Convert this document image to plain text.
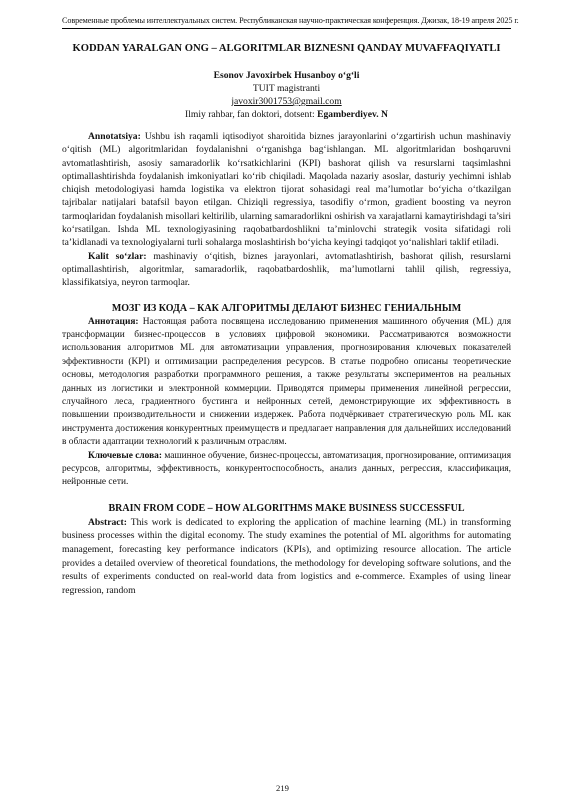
Современные проблемы интеллектуальных систем. Республиканская научно-практическая конференция. Джизак, 18-19 апреля 2025 г.
KODDAN YARALGAN ONG – ALGORITMLAR BIZNESNI QANDAY MUVAFFAQIYATLI
Esonov Javoxirbek Husanboy o‘g‘li
TUIT magistranti
javoxir3001753@gmail.com
Ilmiy rahbar, fan doktori, dotsent: Egamberdiyev. N

Annotatsiya: Ushbu ish raqamli iqtisodiyot sharoitida biznes jarayonlarini o‘zgartirish uchun mashinaviy o‘qitish (ML) algoritmlaridan foydalanishni o‘rganishga bag‘ishlangan. ML algoritmlaridan boshqaruvni avtomatlashtirish, asosiy samaradorlik ko‘rsatkichlarini (KPI) bashorat qilish va resurslarni taqsimlashni optimallashtirishda foydalanish imkoniyatlari ko‘rib chiqiladi. Maqolada nazariy asoslar, dasturiy yechimni ishlab chiqish metodologiyasi hamda logistika va elektron tijorat sohasidagi real ma’lumotlar bo‘yicha o‘tkazilgan tajribalar natijalari batafsil bayon etilgan. Chiziqli regressiya, tasodifiy o‘rmon, gradient boosting va neyron tarmoqlaridan foydalanish misollari keltirilib, ularning samaradorlikni oshirish va xarajatlarni kamaytirishdagi ta’siri ko‘rsatilgan. Ishda ML texnologiyasining raqobatbardoshlikni ta’minlovchi strategik vosita sifatidagi roli ta’kidlanadi va texnologiyalarni turli sohalarga moslashtirish bo‘yicha keyingi tadqiqot yo‘nalishlari taklif etiladi.

Kalit so‘zlar: mashinaviy o‘qitish, biznes jarayonlari, avtomatlashtirish, bashorat qilish, resurslarni optimallashtirish, algoritmlar, samaradorlik, raqobatbardoshlik, ma’lumotlarni tahlil qilish, regressiya, klassifikatsiya, neyron tarmoqlar.

МОЗГ ИЗ КОДА – КАК АЛГОРИТМЫ ДЕЛАЮТ БИЗНЕС ГЕНИАЛЬНЫМ

Аннотация: Настоящая работа посвящена исследованию применения машинного обучения (ML) для трансформации бизнес-процессов в условиях цифровой экономики. Рассматриваются возможности использования алгоритмов ML для автоматизации управления, прогнозирования ключевых показателей эффективности (KPI) и оптимизации распределения ресурсов. В статье подробно описаны теоретические основы, методология разработки программного решения, а также результаты экспериментов на реальных данных из логистики и электронной коммерции. Приводятся примеры применения линейной регрессии, случайного леса, градиентного бустинга и нейронных сетей, демонстрирующие их эффективность в повышении производительности и снижении издержек. Работа подчёркивает стратегическую роль ML как инструмента достижения конкурентных преимуществ и предлагает направления для дальнейших исследований в области адаптации технологий к различным отраслям.

Ключевые слова: машинное обучение, бизнес-процессы, автоматизация, прогнозирование, оптимизация ресурсов, алгоритмы, эффективность, конкурентоспособность, анализ данных, регрессия, классификация, нейронные сети.

BRAIN FROM CODE – HOW ALGORITHMS MAKE BUSINESS SUCCESSFUL

Abstract: This work is dedicated to exploring the application of machine learning (ML) in transforming business processes within the digital economy. The study examines the potential of ML algorithms for automating management, forecasting key performance indicators (KPIs), and optimizing resource allocation. The article provides a detailed overview of theoretical foundations, the methodology for developing software solutions, and the results of experiments conducted on real-world data from logistics and e-commerce. Examples of using linear regression, random

219
